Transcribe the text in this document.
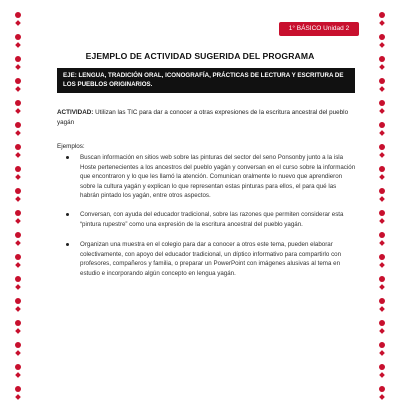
1° BÁSICO Unidad 2
EJEMPLO DE ACTIVIDAD SUGERIDA DEL PROGRAMA
EJE: LENGUA, TRADICIÓN ORAL, ICONOGRAFÍA, PRÁCTICAS DE LECTURA Y ESCRITURA DE LOS PUEBLOS ORIGINARIOS.
ACTIVIDAD: Utilizan las TIC para dar a conocer a otras expresiones de la escritura ancestral del pueblo yagán
Ejemplos:
Buscan información en sitios web sobre las pinturas del sector del seno Ponsonby junto a la isla Hoste pertenecientes a los ancestros del pueblo yagán y conversan en el curso sobre la información que encontraron y lo que les llamó la atención. Comunican oralmente lo nuevo que aprendieron sobre la cultura yagán y explican lo que representan estas pinturas para ellos, el para qué las habrán pintado los yagán, entre otros aspectos.
Conversan, con ayuda del educador tradicional, sobre las razones que permiten considerar esta “pintura rupestre” como una expresión de la escritura ancestral del pueblo yagán.
Organizan una muestra en el colegio para dar a conocer a otros este tema, pueden elaborar colectivamente, con apoyo del educador tradicional, un díptico informativo para compartirlo con profesores, compañeros y familia, o preparar un PowerPoint con imágenes alusivas al tema en estudio e incorporando algún concepto en lengua yagán.
